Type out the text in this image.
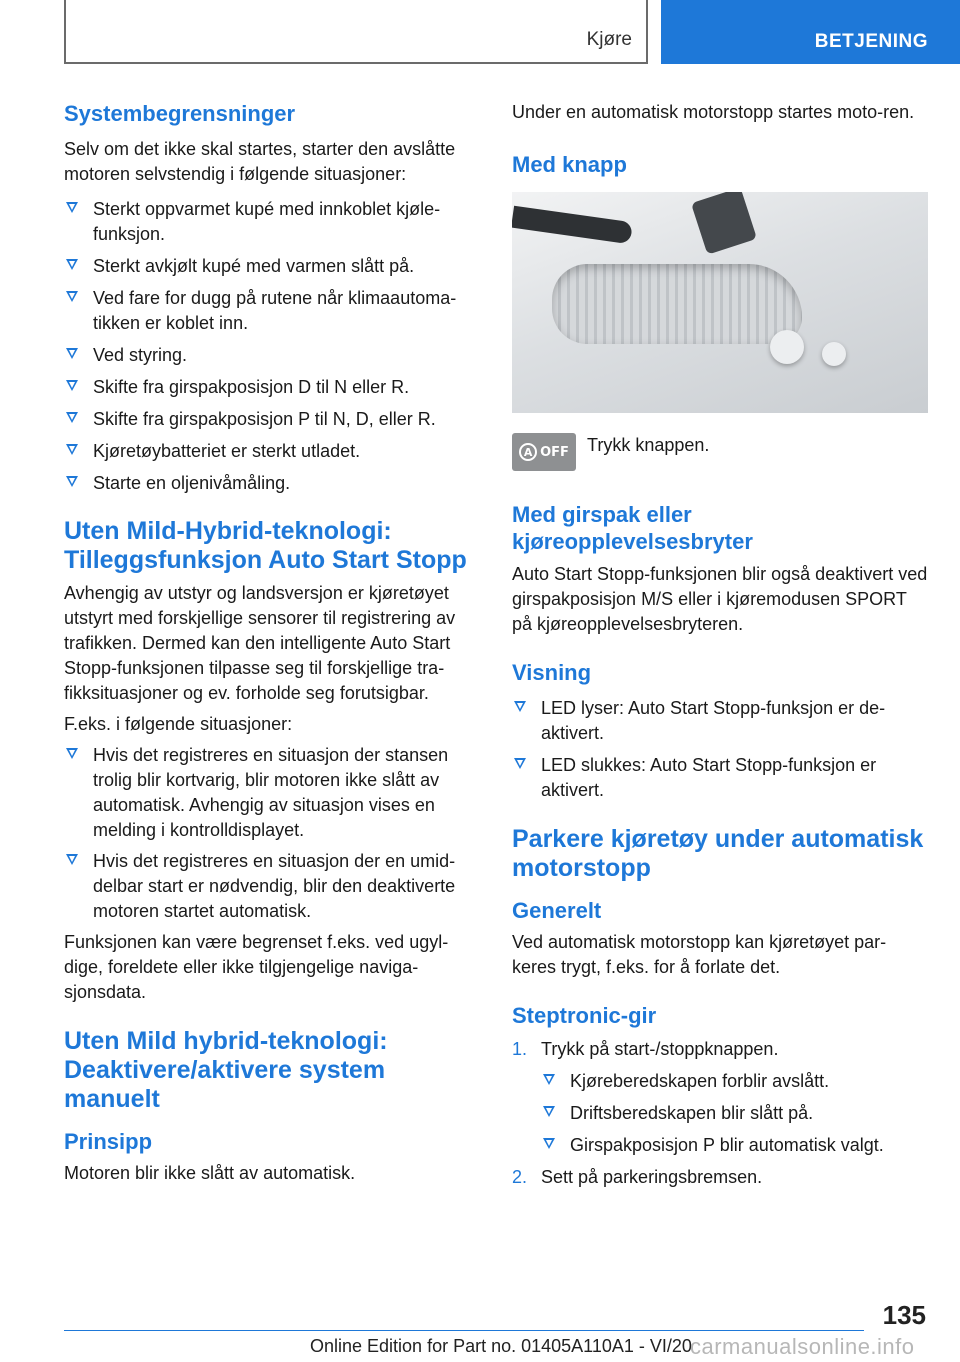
Kjøre	BETJENING
Systembegrensninger

Selv om det ikke skal startes, starter den avslåtte motoren selvstendig i følgende situasjoner:

Sterkt oppvarmet kupé med innkoblet kjøle-funksjon.
Sterkt avkjølt kupé med varmen slått på.
Ved fare for dugg på rutene når klimaautoma-tikken er koblet inn.
Ved styring.
Skifte fra girspakposisjon D til N eller R.
Skifte fra girspakposisjon P til N, D, eller R.
Kjøretøybatteriet er sterkt utladet.
Starte en oljenivåmåling.
Uten Mild-Hybrid-teknologi: Tilleggsfunksjon Auto Start Stopp

Avhengig av utstyr og landsversjon er kjøretøyet utstyrt med forskjellige sensorer til registrering av trafikken. Dermed kan den intelligente Auto Start Stopp-funksjonen tilpasse seg til forskjellige tra-fikksituasjoner og ev. forholde seg forutsigbar.

F.eks. i følgende situasjoner:

Hvis det registreres en situasjon der stansen trolig blir kortvarig, blir motoren ikke slått av automatisk. Avhengig av situasjon vises en melding i kontrolldisplayet.
Hvis det registreres en situasjon der en umid-delbar start er nødvendig, blir den deaktiverte motoren startet automatisk.

Funksjonen kan være begrenset f.eks. ved ugyl-dige, foreldete eller ikke tilgjengelige naviga-sjonsdata.

Uten Mild hybrid-teknologi: Deaktivere/aktivere system manuelt
Prinsipp

Motoren blir ikke slått av automatisk.

Under en automatisk motorstopp startes moto-ren.

Med knapp
A OFF Trykk knappen.

Med girspak eller kjøreopplevelsesbryter

Auto Start Stopp-funksjonen blir også deaktivert ved girspakposisjon M/S eller i kjøremodusen SPORT på kjøreopplevelsesbryteren.

Visning
LED lyser: Auto Start Stopp-funksjon er de-aktivert.
LED slukkes: Auto Start Stopp-funksjon er aktivert.
Parkere kjøretøy under automatisk motorstopp
Generelt

Ved automatisk motorstopp kan kjøretøyet par-keres trygt, f.eks. for å forlate det.

Steptronic-gir
1. Trykk på start-/stoppknappen.
Kjøreberedskapen forblir avslått.
Driftsberedskapen blir slått på.
Girspakposisjon P blir automatisk valgt.
2. Sett på parkeringsbremsen.
135
Online Edition for Part no. 01405A110A1 - VI/20
carmanualsonline.info
